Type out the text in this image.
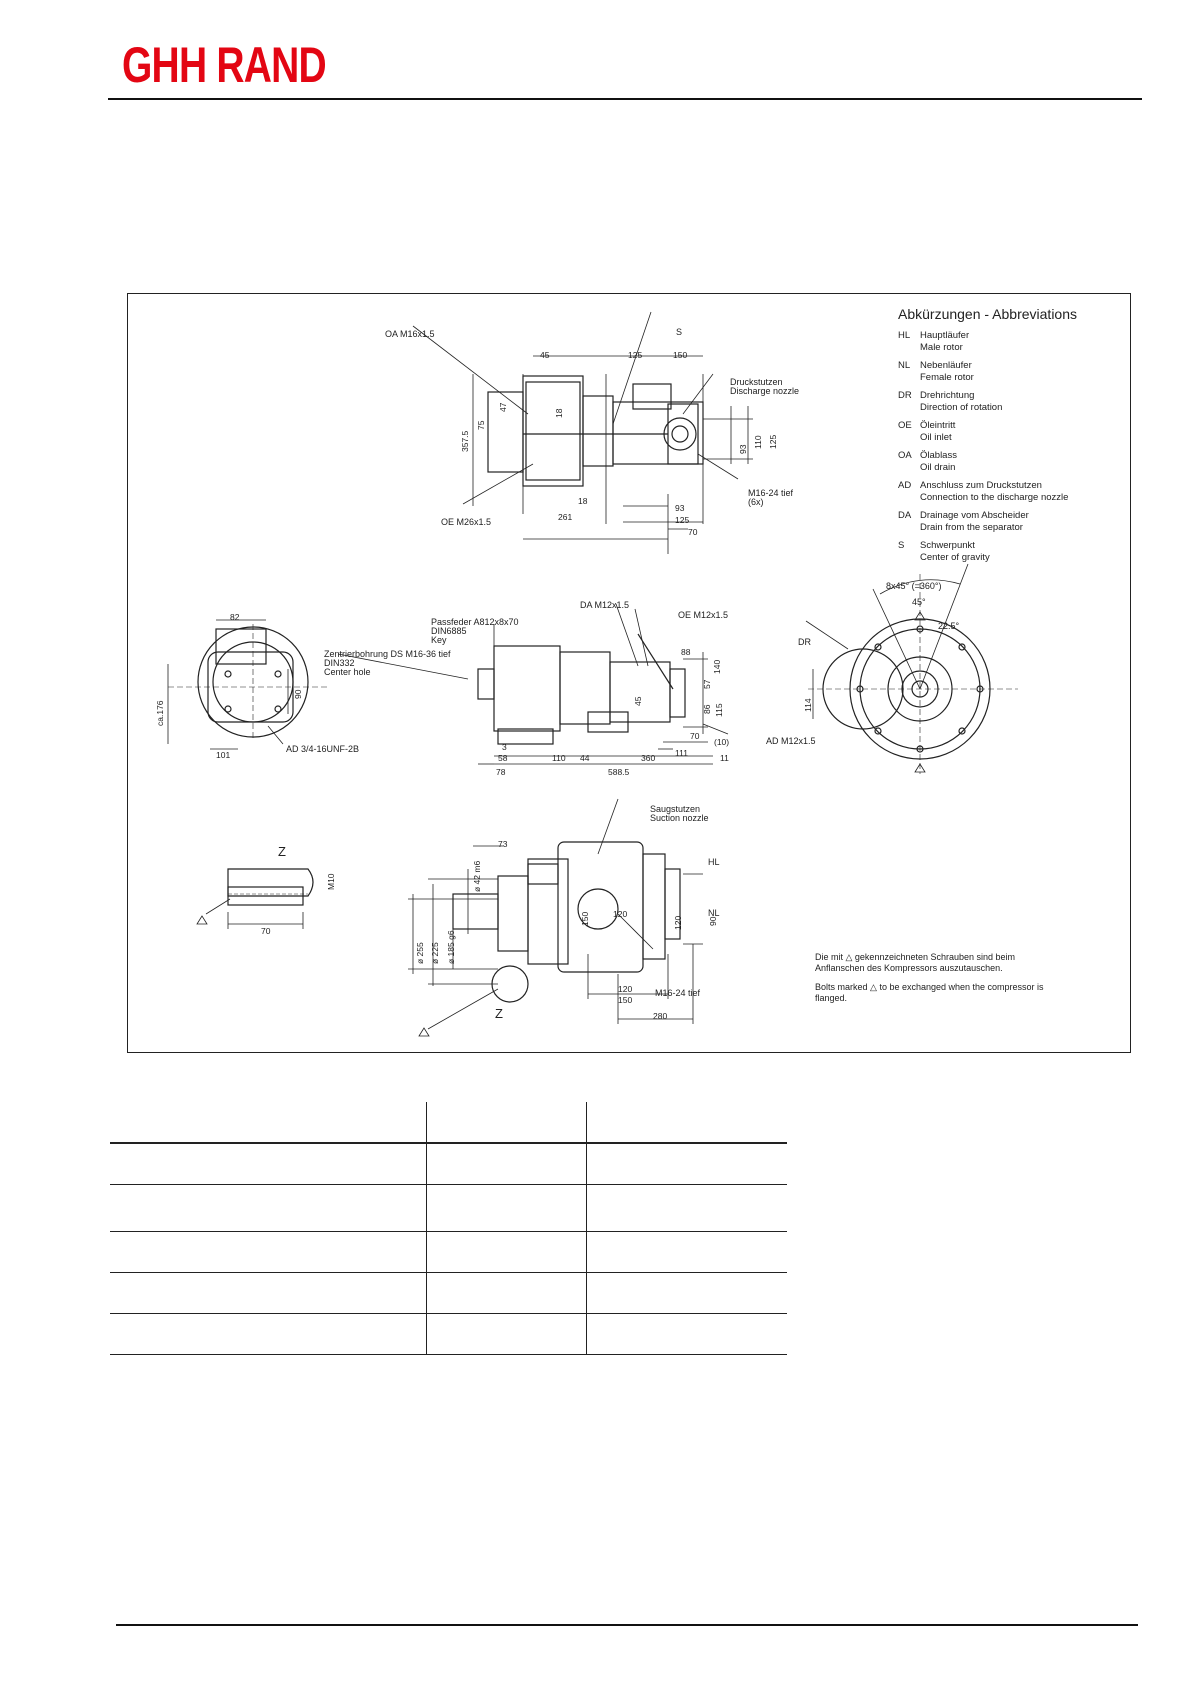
GHH RAND
Abkürzungen - Abbreviations
HL	Hauptläufer
Male rotor
NL	Nebenläufer
Female rotor
DR Drehrichtung
Direction of rotation
OE Öleintritt
Oil inlet
OA Ölablass
Oil drain
AD Anschluss zum Druckstutzen
Connection to the discharge nozzle
DA Drainage vom Abscheider
Drain from the separator
S	Schwerpunkt
Center of gravity
OA M16x1.5	S
Druckstutzen
Discharge nozzle
OE M26x1.5
M16-24 tief
(6x)
45	125	150
357.5
75
47
18
18
261
93
110 125
93
125
70
82
ca.176
90
101
AD 3/4-16UNF-2B
Passfeder A812x8x70
DIN6885
Key
Zentrierbohrung DS M16-36 tief
DIN332
Center hole
DA M12x1.5
OE M12x1.5
AD M12x1.5
88
140
57
86 115
45
70
(10)
3
58
78
110 44	360 111	11
588.5
8x45° (=360°)
45°
22.5°
DR
114
Z
M10
70
Saugstutzen
Suction nozzle
HL
NL
73
ø 42 m6
ø 255 ø 225 ø 185 g6
150	120	90
120
150
280
M16-24 tief
Z
120
Die mit △ gekennzeichneten Schrauben sind beim Anflanschen des Kompressors auszutauschen.
Bolts marked △ to be exchanged when the compressor is flanged.
